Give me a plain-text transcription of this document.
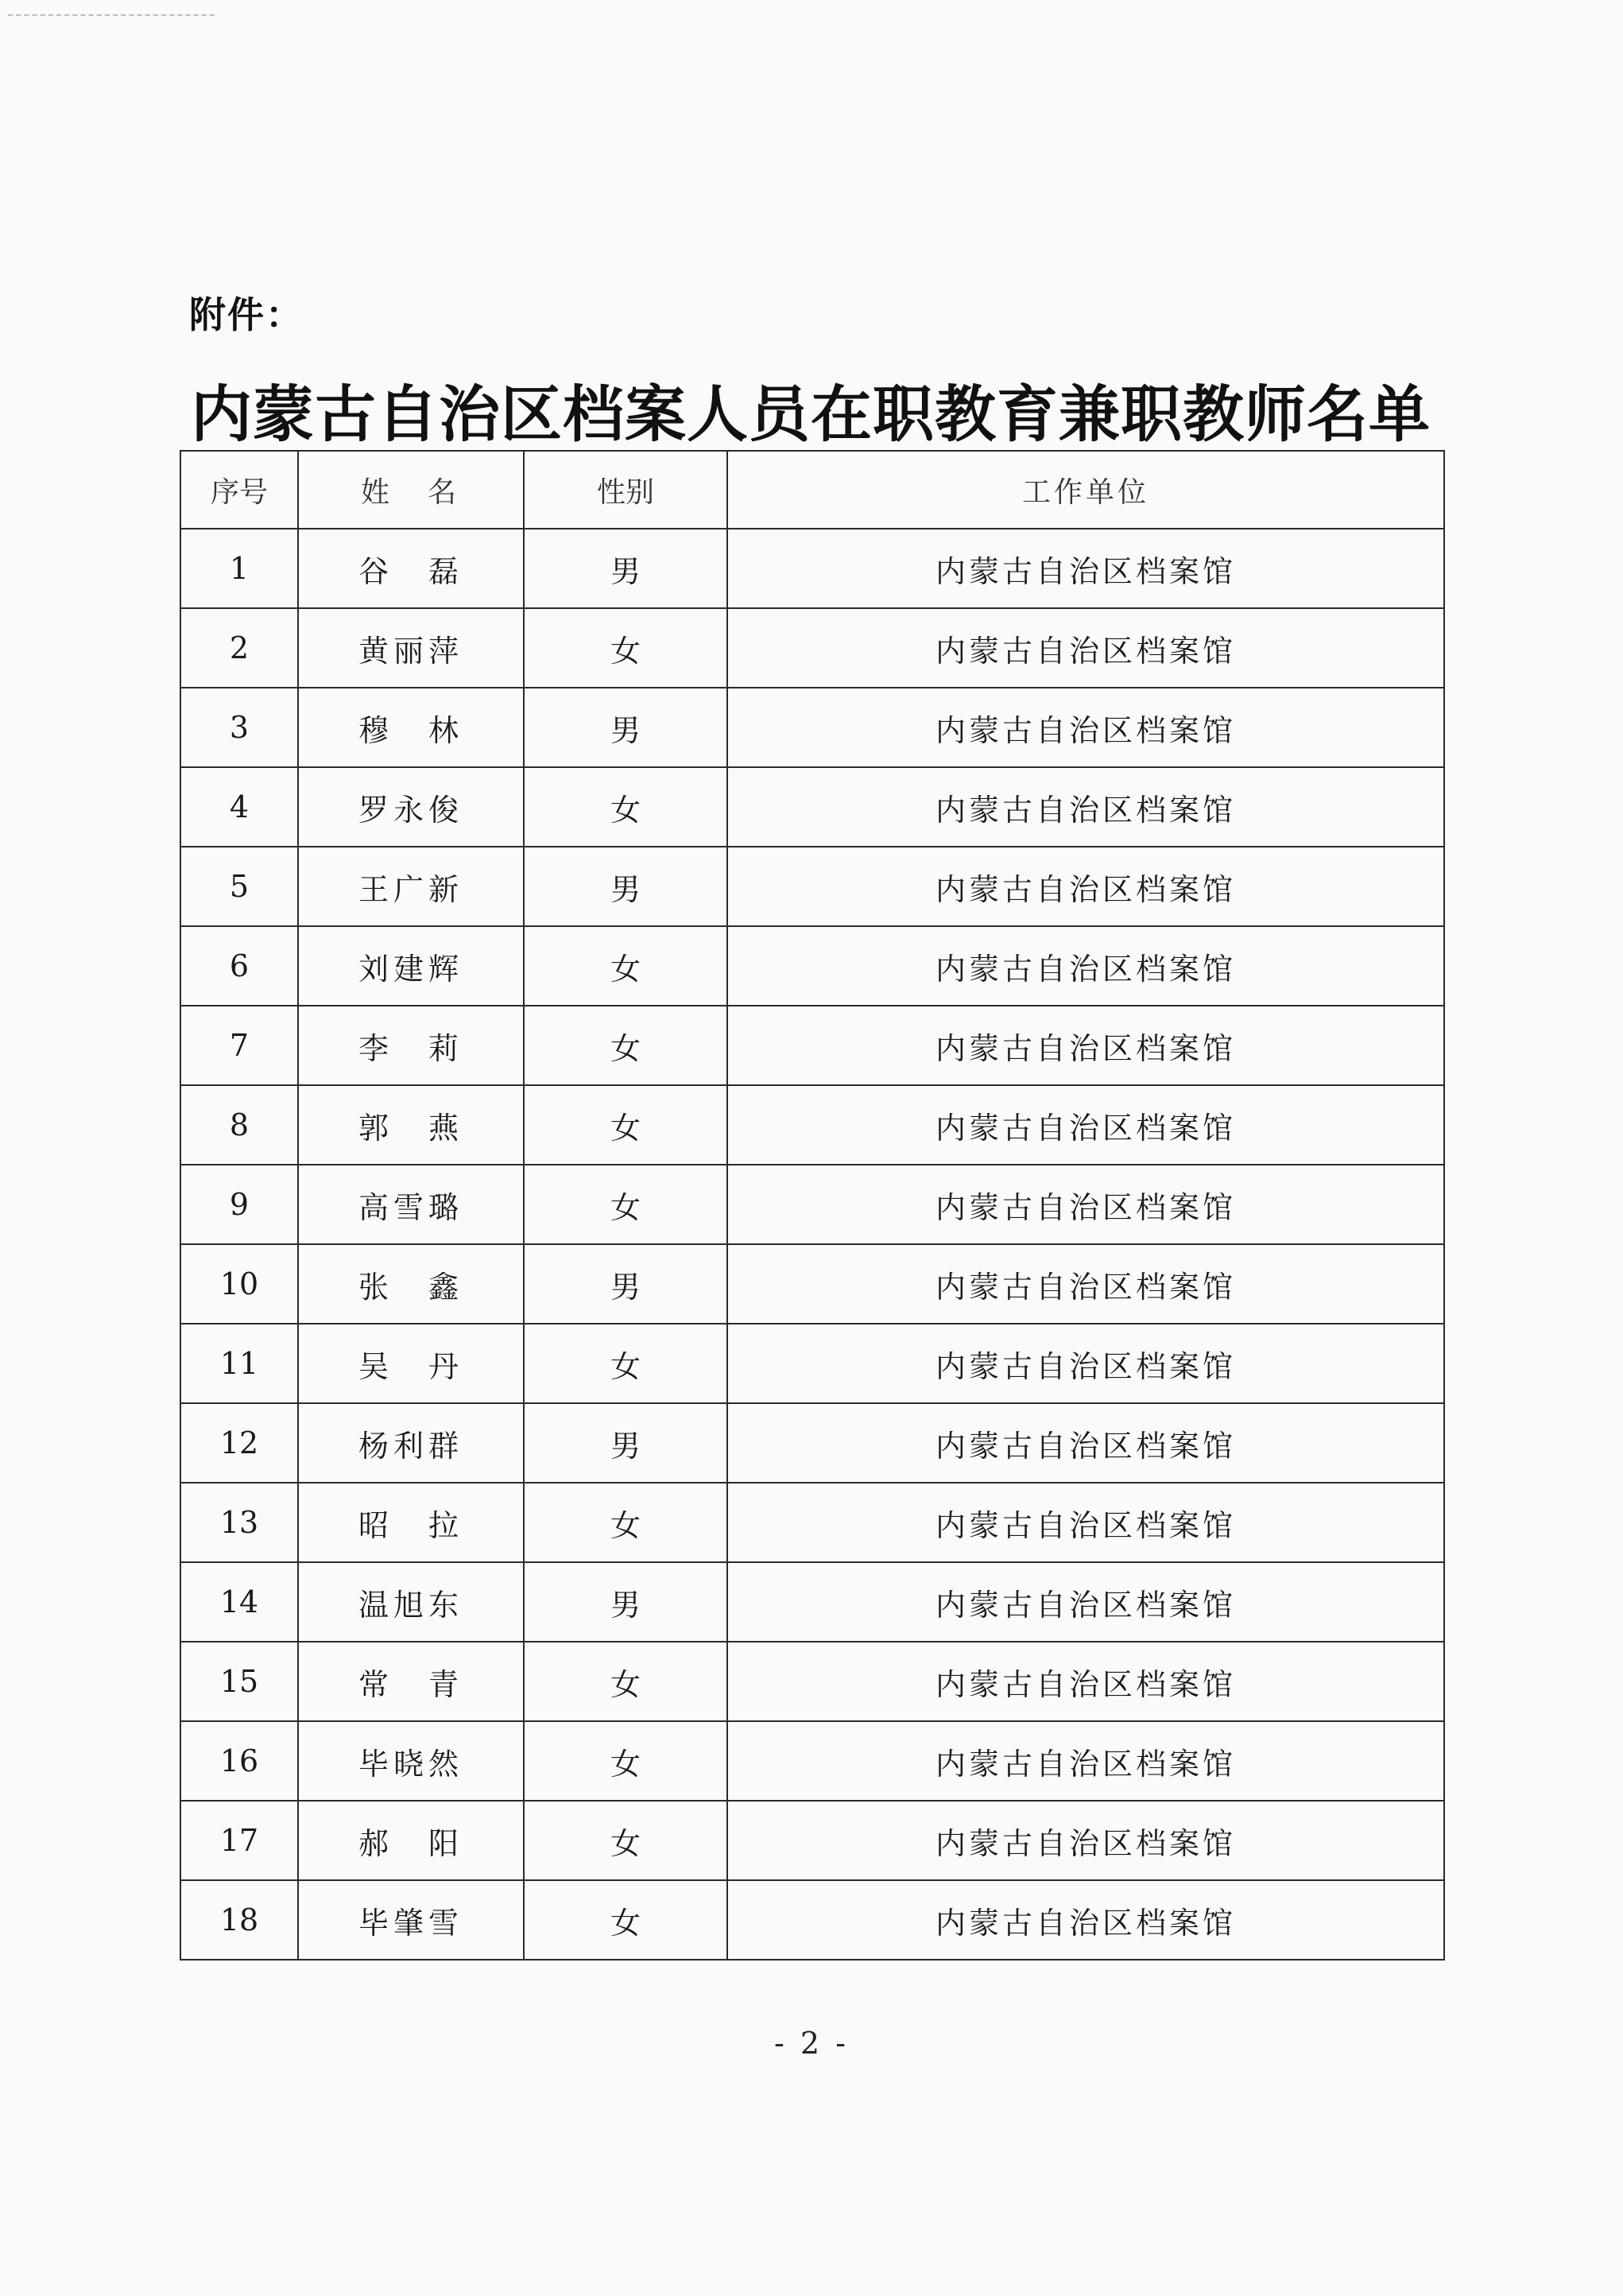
附件：
内蒙古自治区档案人员在职教育兼职教师名单
序号	姓　名	性别	工作单位
1	谷　磊	男	内蒙古自治区档案馆
2	黄丽萍	女	内蒙古自治区档案馆
3	穆　林	男	内蒙古自治区档案馆
4	罗永俊	女	内蒙古自治区档案馆
5	王广新	男	内蒙古自治区档案馆
6	刘建辉	女	内蒙古自治区档案馆
7	李　莉	女	内蒙古自治区档案馆
8	郭　燕	女	内蒙古自治区档案馆
9	高雪璐	女	内蒙古自治区档案馆
10	张　鑫	男	内蒙古自治区档案馆
11	吴　丹	女	内蒙古自治区档案馆
12	杨利群	男	内蒙古自治区档案馆
13	昭　拉	女	内蒙古自治区档案馆
14	温旭东	男	内蒙古自治区档案馆
15	常　青	女	内蒙古自治区档案馆
16	毕晓然	女	内蒙古自治区档案馆
17	郝　阳	女	内蒙古自治区档案馆
18	毕肇雪	女	内蒙古自治区档案馆
- 2 -
